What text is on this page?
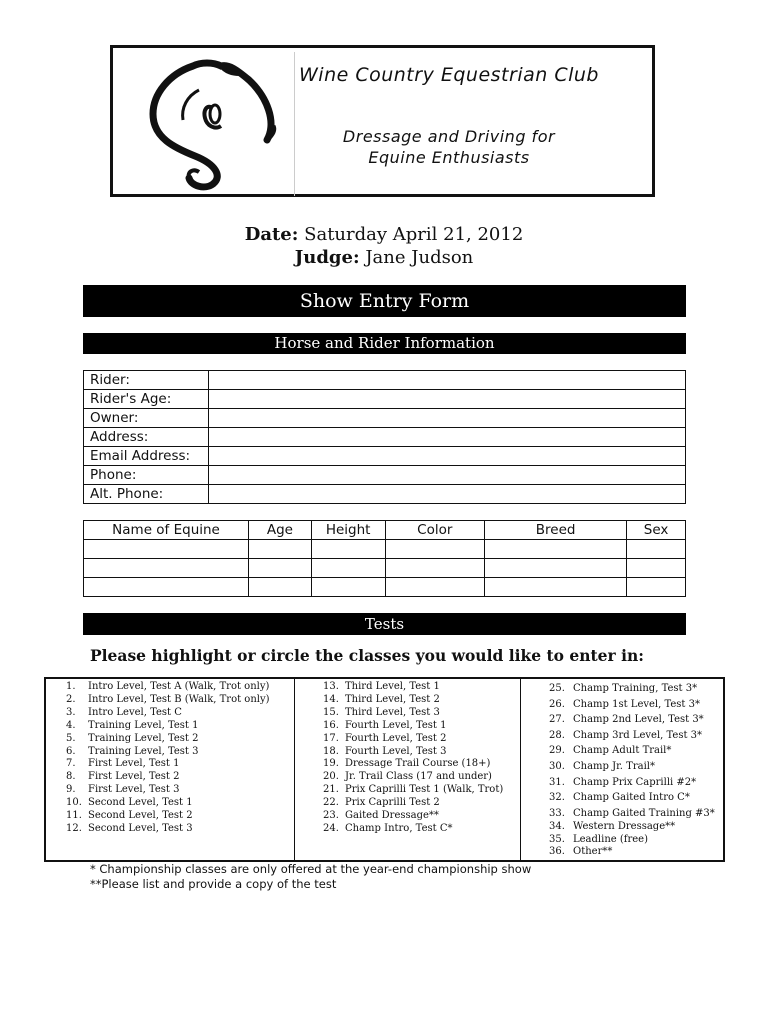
Wine Country Equestrian Club
Dressage and Driving for
Equine Enthusiasts
Date: Saturday April 21, 2012
Judge: Jane Judson
Show Entry Form
Horse and Rider Information
Rider:	
Rider's Age:	
Owner:	
Address:	
Email Address:	
Phone:	
Alt. Phone:	
Name of Equine	Age	Height	Color	Breed	Sex

Tests
Please highlight or circle the classes you would like to enter in:
1. Intro Level, Test A (Walk, Trot only)
2. Intro Level, Test B (Walk, Trot only)
3. Intro Level, Test C
4. Training Level, Test 1
5. Training Level, Test 2
6. Training Level, Test 3
7. First Level, Test 1
8. First Level, Test 2
9. First Level, Test 3
10. Second Level, Test 1
11. Second Level, Test 2
12. Second Level, Test 3
13. Third Level, Test 1
14. Third Level, Test 2
15. Third Level, Test 3
16. Fourth Level, Test 1
17. Fourth Level, Test 2
18. Fourth Level, Test 3
19. Dressage Trail Course (18+)
20. Jr. Trail Class (17 and under)
21. Prix Caprilli Test 1 (Walk, Trot)
22. Prix Caprilli Test 2
23. Gaited Dressage**
24. Champ Intro, Test C*
25. Champ Training, Test 3*
26. Champ 1st Level, Test 3*
27. Champ 2nd Level, Test 3*
28. Champ 3rd Level, Test 3*
29. Champ Adult Trail*
30. Champ Jr. Trail*
31. Champ Prix Caprilli #2*
32. Champ Gaited Intro C*
33. Champ Gaited Training #3*
34. Western Dressage**
35. Leadline (free)
36. Other**
* Championship classes are only offered at the year-end championship show
**Please list and provide a copy of the test
